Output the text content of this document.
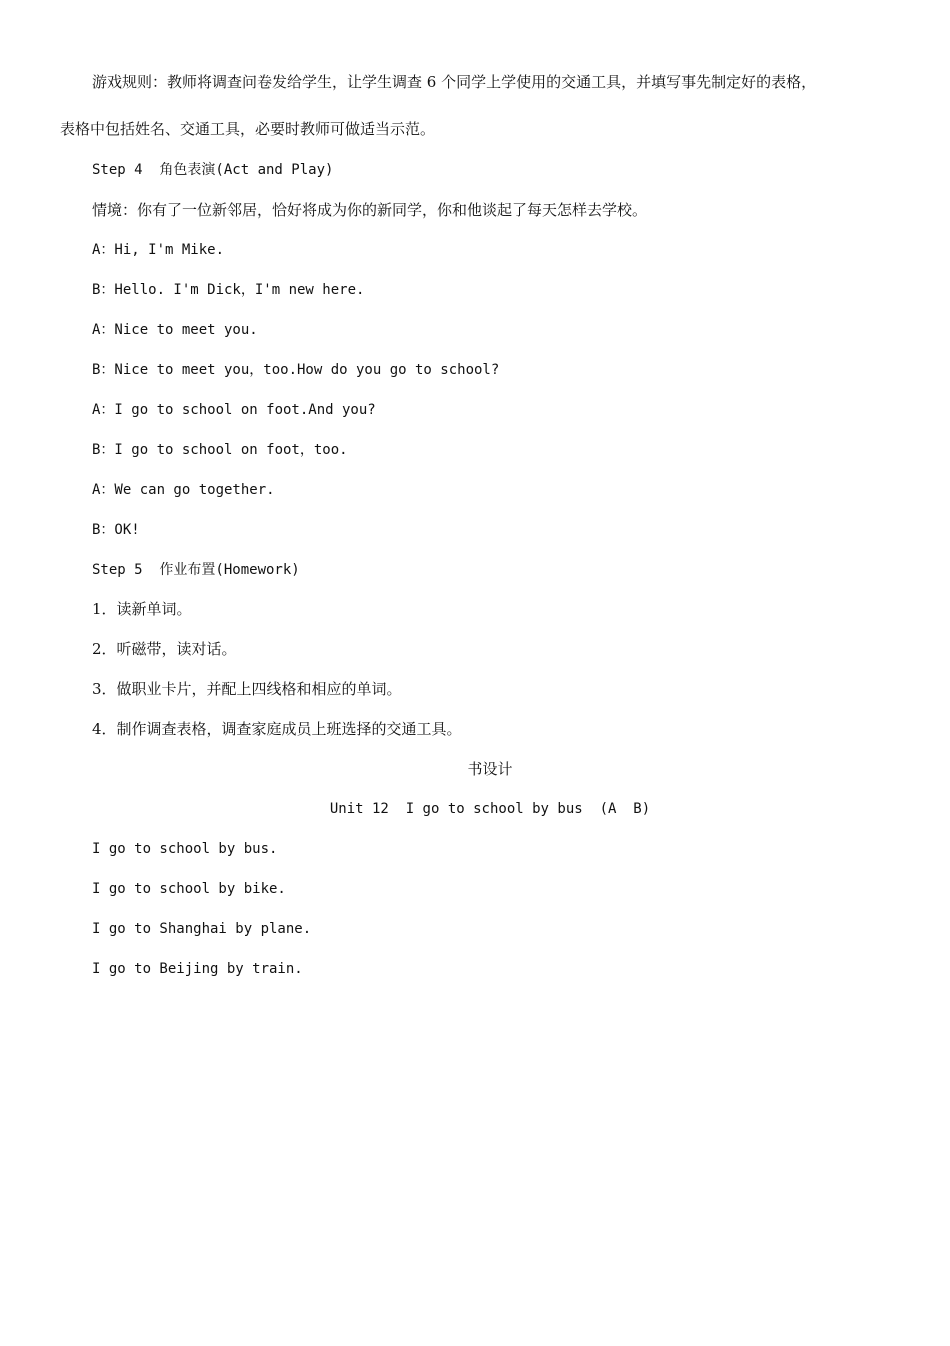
游戏规则：教师将调查问卷发给学生，让学生调查 6 个同学上学使用的交通工具，并填写事先制定好的表格，
表格中包括姓名、交通工具，必要时教师可做适当示范。
Step 4  角色表演(Act and Play)
情境：你有了一位新邻居，恰好将成为你的新同学，你和他谈起了每天怎样去学校。
A：Hi, I'm Mike.
B：Hello. I'm Dick，I'm new here.
A：Nice to meet you.
B：Nice to meet you，too.How do you go to school?
A：I go to school on foot.And you?
B：I go to school on foot，too.
A：We can go together.
B：OK!
Step 5  作业布置(Homework)
1．读新单词。
2．听磁带，读对话。
3．做职业卡片，并配上四线格和相应的单词。
4．制作调查表格，调查家庭成员上班选择的交通工具。
书设计
Unit 12  I go to school by bus  (A  B)
I go to school by bus.
I go to school by bike.
I go to Shanghai by plane.
I go to Beijing by train.
